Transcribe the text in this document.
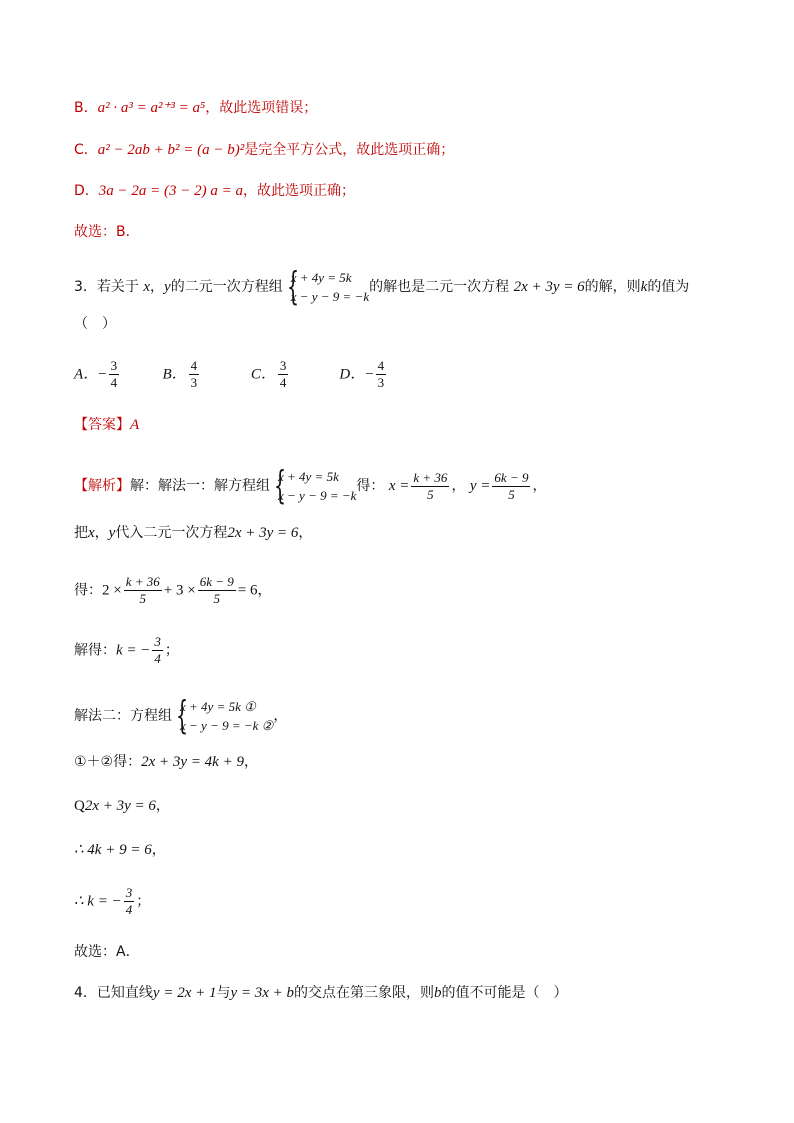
B．a² · a³ = a²⁺³ = a⁵，故此选项错误；
C．a² − 2ab + b² = (a − b)²是完全平方公式，故此选项正确；
D．3a − 2a = (3 − 2) a = a，故此选项正确；
故选：B．
3．若关于 x，y的二元一次方程组 {
x + 4y = 5k
x − y − 9 = −k
的解也是二元一次方程 2x + 3y = 6的解，则k的值为
（　）
A．− $\frac{3}{4}$	B． $\frac{4}{3}$	C． $\frac{3}{4}$	D．− $\frac{4}{3}$
【答案】A
【解析】解：解法一：解方程组 {
x + 4y = 5k
x − y − 9 = −k
得： $x = \frac{k + 36}{5}$ ， $y = \frac{6k - 9}{5}$ ，
把x，y代入二元一次方程2x + 3y = 6，
得：$2 \times \frac{k + 36}{5} + 3 \times \frac{6k - 9}{5} = 6$，
解得：k = − $\frac{3}{4}$ ；
解法二：方程组 {
x + 4y = 5k ①
x − y − 9 = −k ②
，
①＋②得：2x + 3y = 4k + 9，
Q2x + 3y = 6，
∴ 4k + 9 = 6，
∴ k = − $\frac{3}{4}$ ；
故选：A．
4．已知直线y = 2x + 1与y = 3x + b的交点在第三象限，则b的值不可能是（　）
